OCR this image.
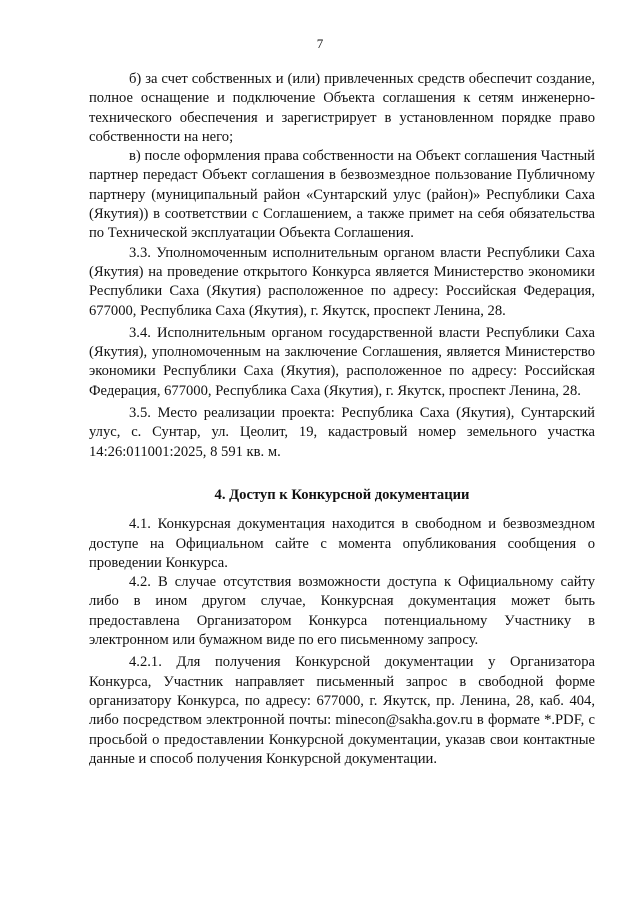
7

б) за счет собственных и (или) привлеченных средств обеспечит создание, полное оснащение и подключение Объекта соглашения к сетям инженерно-технического обеспечения и зарегистрирует в установленном порядке право собственности на него;

в) после оформления права собственности на Объект соглашения Частный партнер передаст Объект соглашения в безвозмездное пользование Публичному партнеру (муниципальный район «Сунтарский улус (район)» Республики Саха (Якутия)) в соответствии с Соглашением, а также примет на себя обязательства по Технической эксплуатации Объекта Соглашения.

3.3. Уполномоченным исполнительным органом власти Республики Саха (Якутия) на проведение открытого Конкурса является Министерство экономики Республики Саха (Якутия) расположенное по адресу: Российская Федерация, 677000, Республика Саха (Якутия), г. Якутск, проспект Ленина, 28.

3.4. Исполнительным органом государственной власти Республики Саха (Якутия), уполномоченным на заключение Соглашения, является Министерство экономики Республики Саха (Якутия), расположенное по адресу: Российская Федерация, 677000, Республика Саха (Якутия), г. Якутск, проспект Ленина, 28.

3.5. Место реализации проекта: Республика Саха (Якутия), Сунтарский улус, с. Сунтар, ул. Цеолит, 19, кадастровый номер земельного участка 14:26:011001:2025, 8 591 кв. м.

4. Доступ к Конкурсной документации

4.1. Конкурсная документация находится в свободном и безвозмездном доступе на Официальном сайте с момента опубликования сообщения о проведении Конкурса.

4.2. В случае отсутствия возможности доступа к Официальному сайту либо в ином другом случае, Конкурсная документация может быть предоставлена Организатором Конкурса потенциальному Участнику в электронном или бумажном виде по его письменному запросу.

4.2.1. Для получения Конкурсной документации у Организатора Конкурса, Участник направляет письменный запрос в свободной форме организатору Конкурса, по адресу: 677000, г. Якутск, пр. Ленина, 28, каб. 404, либо посредством электронной почты: minecon@sakha.gov.ru в формате *.PDF, с просьбой о предоставлении Конкурсной документации, указав свои контактные данные и способ получения Конкурсной документации.
